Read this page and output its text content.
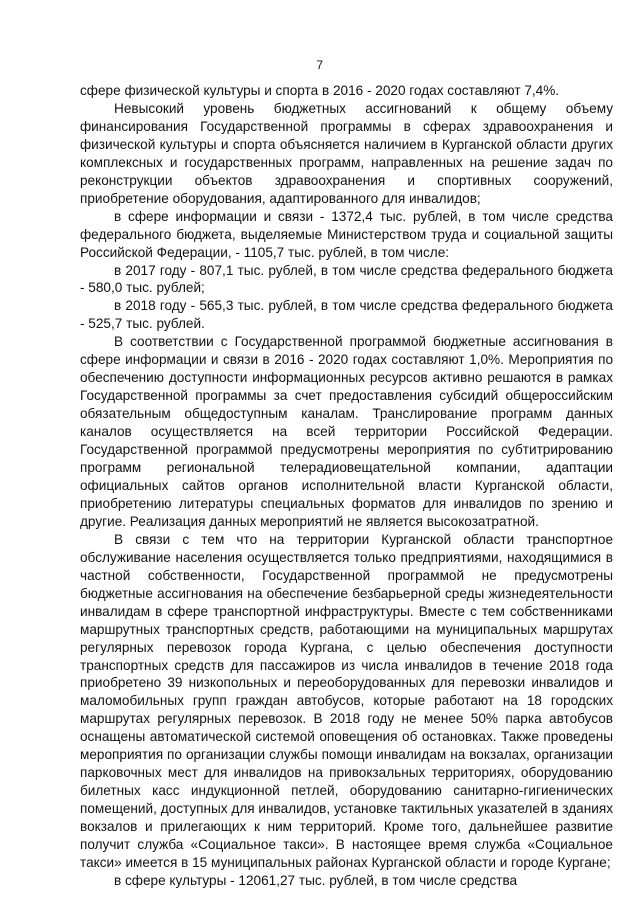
7

сфере физической культуры и спорта в 2016 - 2020 годах составляют 7,4%.

Невысокий уровень бюджетных ассигнований к общему объему финансирования Государственной программы в сферах здравоохранения и физической культуры и спорта объясняется наличием в Курганской области других комплексных и государственных программ, направленных на решение задач по реконструкции объектов здравоохранения и спортивных сооружений, приобретение оборудования, адаптированного для инвалидов;

в сфере информации и связи - 1372,4 тыс. рублей, в том числе средства федерального бюджета, выделяемые Министерством труда и социальной защиты Российской Федерации, - 1105,7 тыс. рублей, в том числе:

в 2017 году - 807,1 тыс. рублей, в том числе средства федерального бюджета - 580,0 тыс. рублей;

в 2018 году - 565,3 тыс. рублей, в том числе средства федерального бюджета - 525,7 тыс. рублей.

В соответствии с Государственной программой бюджетные ассигнования в сфере информации и связи в 2016 - 2020 годах составляют 1,0%. Мероприятия по обеспечению доступности информационных ресурсов активно решаются в рамках Государственной программы за счет предоставления субсидий общероссийским обязательным общедоступным каналам. Транслирование программ данных каналов осуществляется на всей территории Российской Федерации. Государственной программой предусмотрены мероприятия по субтитрированию программ региональной телерадиовещательной компании, адаптации официальных сайтов органов исполнительной власти Курганской области, приобретению литературы специальных форматов для инвалидов по зрению и другие. Реализация данных мероприятий не является высокозатратной.

В связи с тем что на территории Курганской области транспортное обслуживание населения осуществляется только предприятиями, находящимися в частной собственности, Государственной программой не предусмотрены бюджетные ассигнования на обеспечение безбарьерной среды жизнедеятельности инвалидам в сфере транспортной инфраструктуры. Вместе с тем собственниками маршрутных транспортных средств, работающими на муниципальных маршрутах регулярных перевозок города Кургана, с целью обеспечения доступности транспортных средств для пассажиров из числа инвалидов в течение 2018 года приобретено 39 низкопольных и переоборудованных для перевозки инвалидов и маломобильных групп граждан автобусов, которые работают на 18 городских маршрутах регулярных перевозок. В 2018 году не менее 50% парка автобусов оснащены автоматической системой оповещения об остановках. Также проведены мероприятия по организации службы помощи инвалидам на вокзалах, организации парковочных мест для инвалидов на привокзальных территориях, оборудованию билетных касс индукционной петлей, оборудованию санитарно-гигиенических помещений, доступных для инвалидов, установке тактильных указателей в зданиях вокзалов и прилегающих к ним территорий. Кроме того, дальнейшее развитие получит служба «Социальное такси». В настоящее время служба «Социальное такси» имеется в 15 муниципальных районах Курганской области и городе Кургане;

в сфере культуры - 12061,27 тыс. рублей, в том числе средства
